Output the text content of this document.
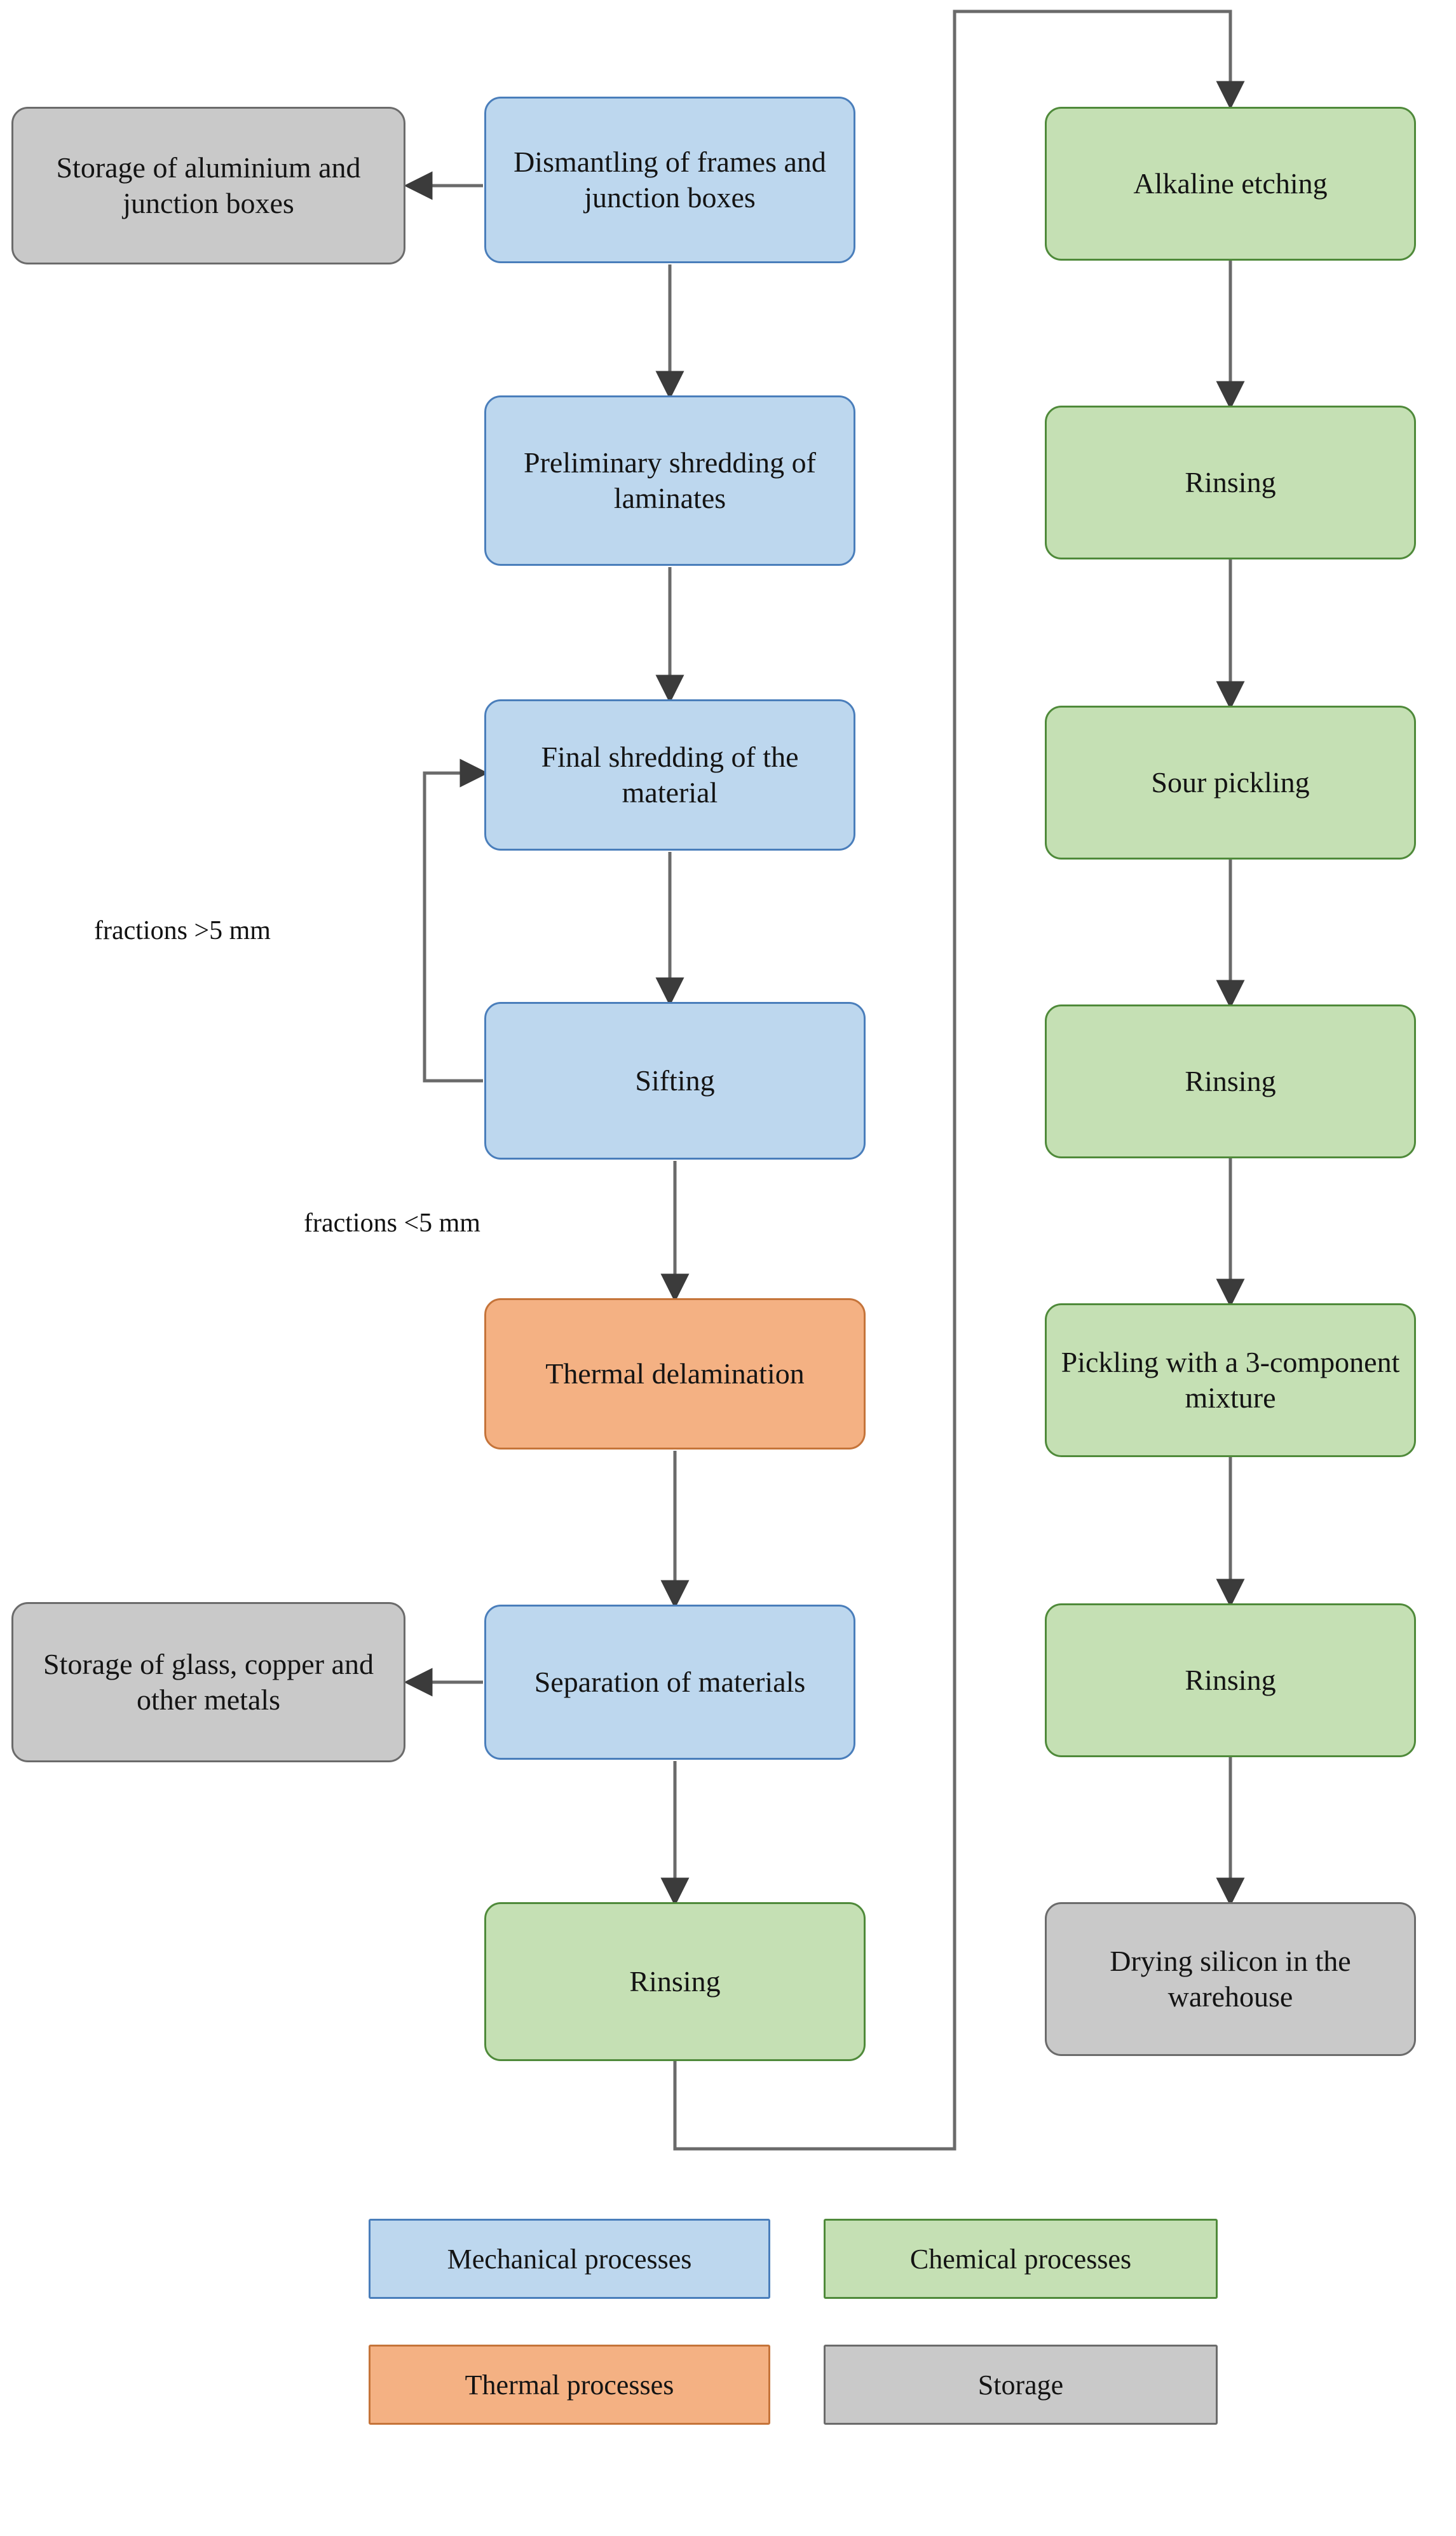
Storage of aluminium and junction boxes
Dismantling of frames and junction boxes
Preliminary shredding of laminates
Final shredding of the material
Sifting
Thermal delamination
Storage of glass, copper and other metals
Separation of materials
Rinsing
Alkaline etching
Rinsing
Sour pickling
Rinsing
Pickling with a 3-component mixture
Rinsing
Drying silicon in the warehouse
fractions >5 mm
fractions <5 mm
Mechanical processes	Chemical processes
Thermal processes	Storage
